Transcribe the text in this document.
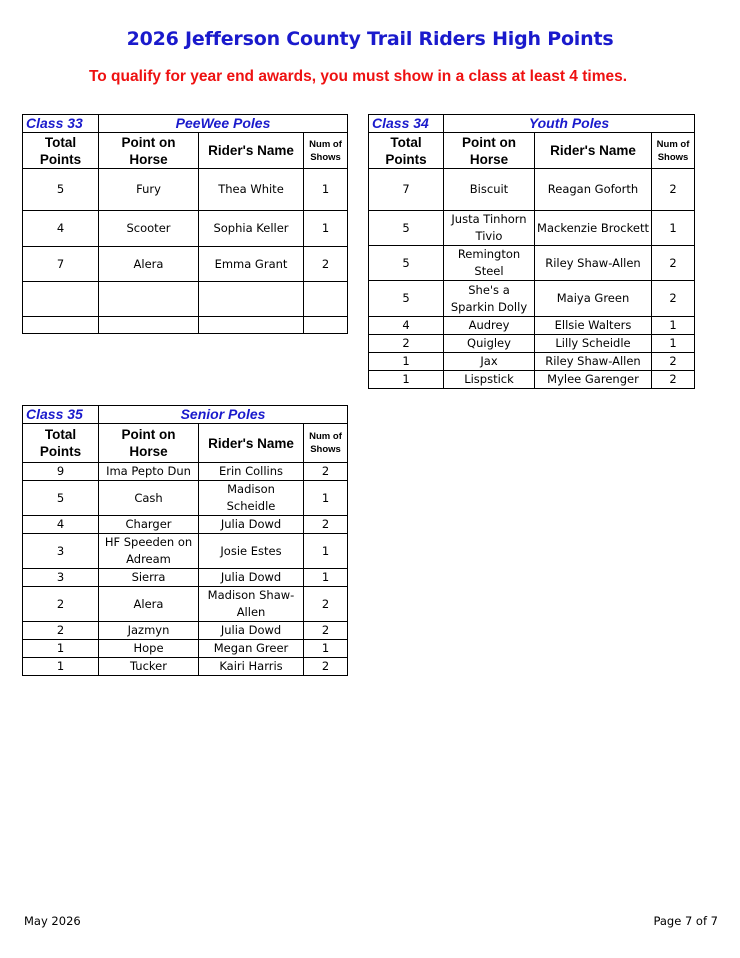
2026 Jefferson County Trail Riders High Points
To qualify for year end awards, you must show in a class at least 4 times.
Class 33	PeeWee Poles		
Total Points	Point on Horse	Rider's Name	Num of Shows
5	Fury	Thea White	1
4	Scooter	Sophia Keller	1
7	Alera	Emma Grant	2

Class 34	Youth Poles		
Total Points	Point on Horse	Rider's Name	Num of Shows
7	Biscuit	Reagan Goforth	2
5	Justa Tinhorn Tivio	Mackenzie Brockett	1
5	Remington Steel	Riley Shaw-Allen	2
5	She's a Sparkin Dolly	Maiya Green	2
4	Audrey	Ellsie Walters	1
2	Quigley	Lilly Scheidle	1
1	Jax	Riley Shaw-Allen	2
1	Lispstick	Mylee Garenger	2
Class 35	Senior Poles		
Total Points	Point on Horse	Rider's Name	Num of Shows
9	Ima Pepto Dun	Erin Collins	2
5	Cash	Madison Scheidle	1
4	Charger	Julia Dowd	2
3	HF Speeden on Adream	Josie Estes	1
3	Sierra	Julia Dowd	1
2	Alera	Madison Shaw-Allen	2
2	Jazmyn	Julia Dowd	2
1	Hope	Megan Greer	1
1	Tucker	Kairi Harris	2
May 2026	Page 7 of 7
